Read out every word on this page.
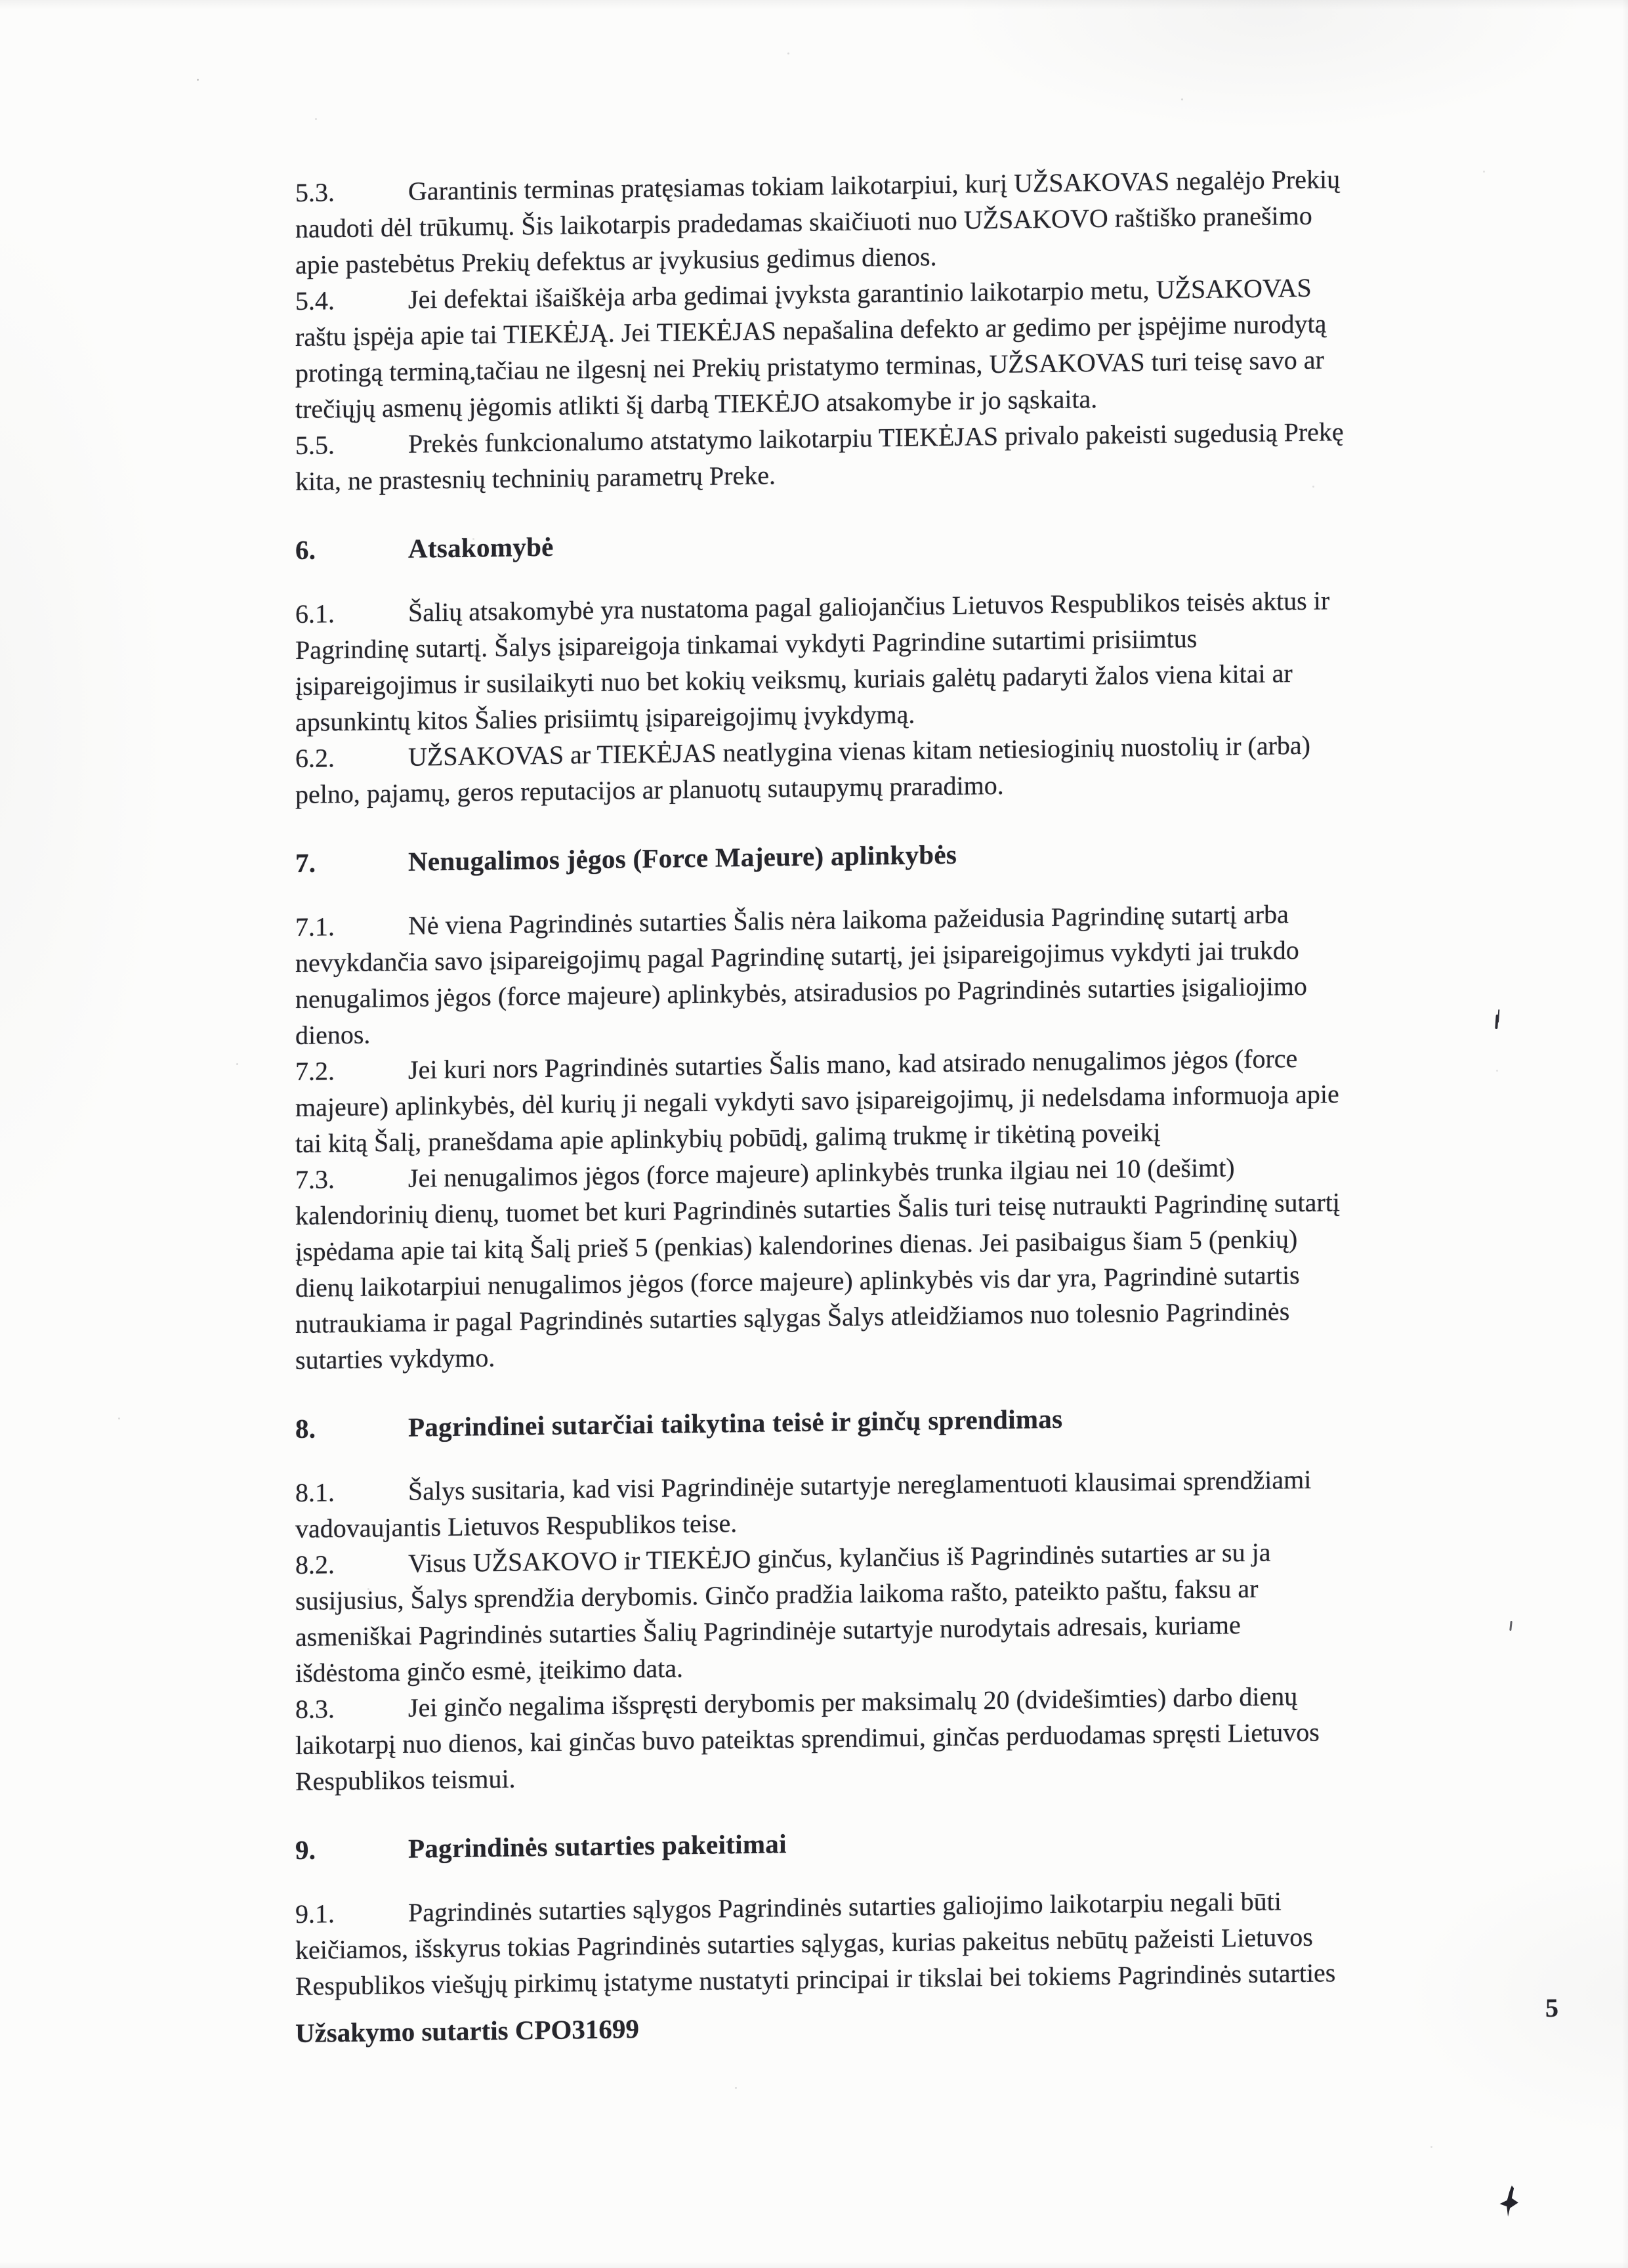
5.3.	Garantinis terminas pratęsiamas tokiam laikotarpiui, kurį UŽSAKOVAS negalėjo Prekių
naudoti dėl trūkumų. Šis laikotarpis pradedamas skaičiuoti nuo UŽSAKOVO raštiško pranešimo
apie pastebėtus Prekių defektus ar įvykusius gedimus dienos.
5.4.	Jei defektai išaiškėja arba gedimai įvyksta garantinio laikotarpio metu, UŽSAKOVAS
raštu įspėja apie tai TIEKĖJĄ. Jei TIEKĖJAS nepašalina defekto ar gedimo per įspėjime nurodytą
protingą terminą,tačiau ne ilgesnį nei Prekių pristatymo terminas, UŽSAKOVAS turi teisę savo ar
trečiųjų asmenų jėgomis atlikti šį darbą TIEKĖJO atsakomybe ir jo sąskaita.
5.5.	Prekės funkcionalumo atstatymo laikotarpiu TIEKĖJAS privalo pakeisti sugedusią Prekę
kita, ne prastesnių techninių parametrų Preke.
6.	Atsakomybė
6.1.	Šalių atsakomybė yra nustatoma pagal galiojančius Lietuvos Respublikos teisės aktus ir
Pagrindinę sutartį. Šalys įsipareigoja tinkamai vykdyti Pagrindine sutartimi prisiimtus
įsipareigojimus ir susilaikyti nuo bet kokių veiksmų, kuriais galėtų padaryti žalos viena kitai ar
apsunkintų kitos Šalies prisiimtų įsipareigojimų įvykdymą.
6.2.	UŽSAKOVAS ar TIEKĖJAS neatlygina vienas kitam netiesioginių nuostolių ir (arba)
pelno, pajamų, geros reputacijos ar planuotų sutaupymų praradimo.
7.	Nenugalimos jėgos (Force Majeure) aplinkybės
7.1.	Nė viena Pagrindinės sutarties Šalis nėra laikoma pažeidusia Pagrindinę sutartį arba
nevykdančia savo įsipareigojimų pagal Pagrindinę sutartį, jei įsipareigojimus vykdyti jai trukdo
nenugalimos jėgos (force majeure) aplinkybės, atsiradusios po Pagrindinės sutarties įsigaliojimo
dienos.
7.2.	Jei kuri nors Pagrindinės sutarties Šalis mano, kad atsirado nenugalimos jėgos (force
majeure) aplinkybės, dėl kurių ji negali vykdyti savo įsipareigojimų, ji nedelsdama informuoja apie
tai kitą Šalį, pranešdama apie aplinkybių pobūdį, galimą trukmę ir tikėtiną poveikį
7.3.	Jei nenugalimos jėgos (force majeure) aplinkybės trunka ilgiau nei 10 (dešimt)
kalendorinių dienų, tuomet bet kuri Pagrindinės sutarties Šalis turi teisę nutraukti Pagrindinę sutartį
įspėdama apie tai kitą Šalį prieš 5 (penkias) kalendorines dienas. Jei pasibaigus šiam 5 (penkių)
dienų laikotarpiui nenugalimos jėgos (force majeure) aplinkybės vis dar yra, Pagrindinė sutartis
nutraukiama ir pagal Pagrindinės sutarties sąlygas Šalys atleidžiamos nuo tolesnio Pagrindinės
sutarties vykdymo.
8.	Pagrindinei sutarčiai taikytina teisė ir ginčų sprendimas
8.1.	Šalys susitaria, kad visi Pagrindinėje sutartyje nereglamentuoti klausimai sprendžiami
vadovaujantis Lietuvos Respublikos teise.
8.2.	Visus UŽSAKOVO ir TIEKĖJO ginčus, kylančius iš Pagrindinės sutarties ar su ja
susijusius, Šalys sprendžia derybomis. Ginčo pradžia laikoma rašto, pateikto paštu, faksu ar
asmeniškai Pagrindinės sutarties Šalių Pagrindinėje sutartyje nurodytais adresais, kuriame
išdėstoma ginčo esmė, įteikimo data.
8.3.	Jei ginčo negalima išspręsti derybomis per maksimalų 20 (dvidešimties) darbo dienų
laikotarpį nuo dienos, kai ginčas buvo pateiktas sprendimui, ginčas perduodamas spręsti Lietuvos
Respublikos teismui.
9.	Pagrindinės sutarties pakeitimai
9.1.	Pagrindinės sutarties sąlygos Pagrindinės sutarties galiojimo laikotarpiu negali būti
keičiamos, išskyrus tokias Pagrindinės sutarties sąlygas, kurias pakeitus nebūtų pažeisti Lietuvos
Respublikos viešųjų pirkimų įstatyme nustatyti principai ir tikslai bei tokiems Pagrindinės sutarties
Užsakymo sutartis CPO31699
5
